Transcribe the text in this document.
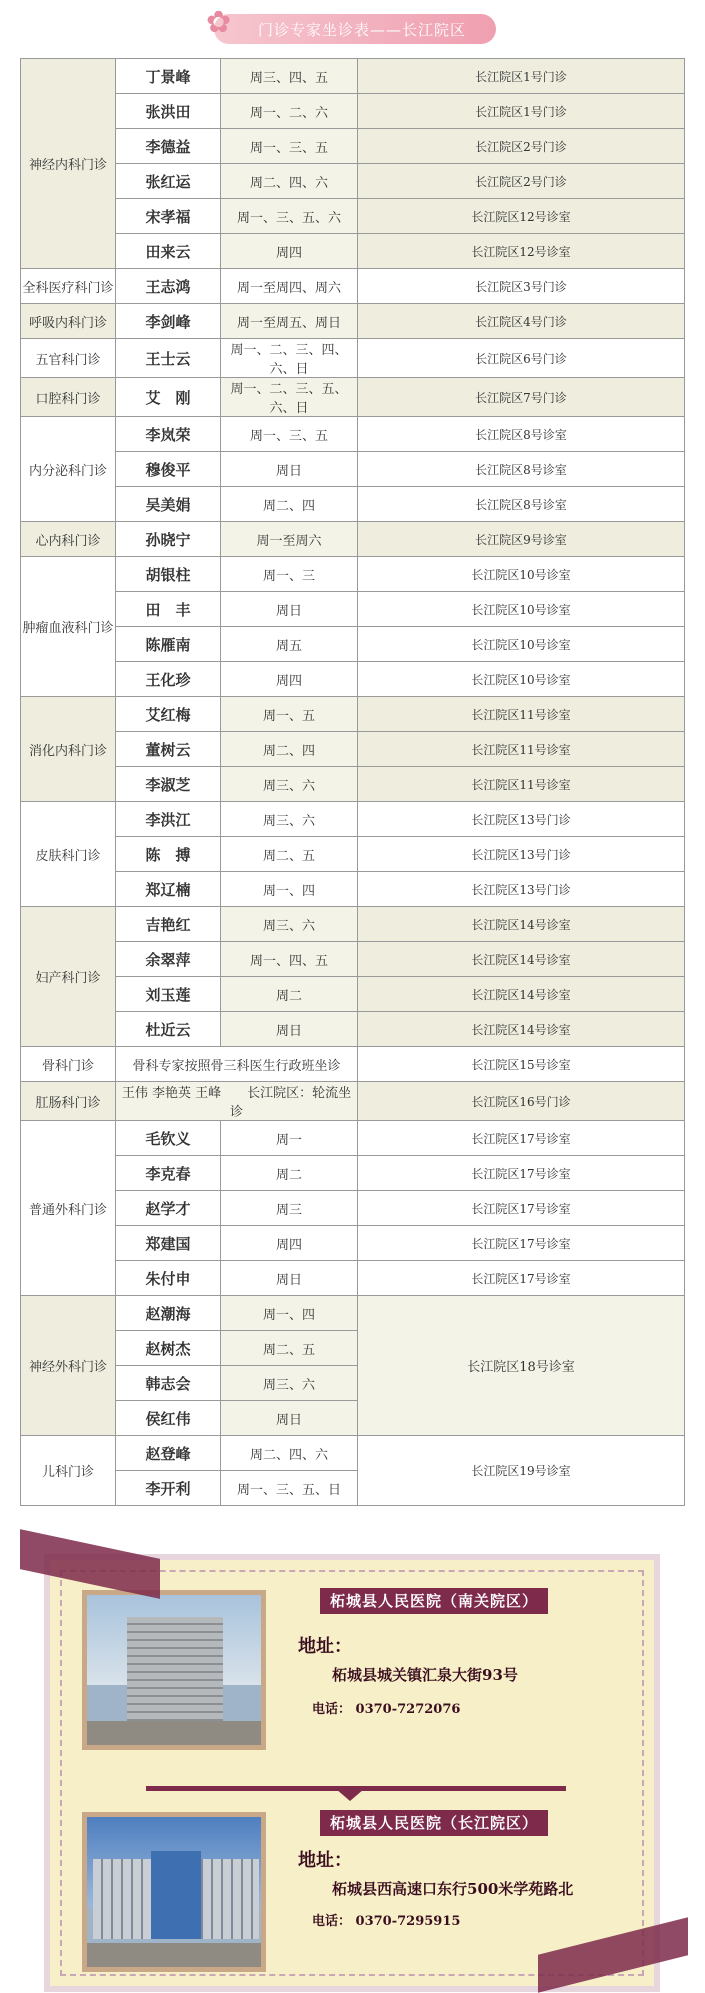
✿ 门诊专家坐诊表——长江院区
神经内科门诊	丁景峰	周三、四、五	长江院区1号门诊
	张洪田	周一、二、六	长江院区1号门诊
	李德益	周一、三、五	长江院区2号门诊
	张红运	周二、四、六	长江院区2号门诊
	宋孝福	周一、三、五、六	长江院区12号诊室
	田来云	周四	长江院区12号诊室
全科医疗科门诊	王志鸿	周一至周四、周六	长江院区3号门诊
呼吸内科门诊	李剑峰	周一至周五、周日	长江院区4号门诊
五官科门诊	王士云	周一、二、三、四、六、日	长江院区6号门诊
口腔科门诊	艾　刚	周一、二、三、五、六、日	长江院区7号门诊
内分泌科门诊	李岚荣	周一、三、五	长江院区8号诊室
	穆俊平	周日	长江院区8号诊室
	吴美娟	周二、四	长江院区8号诊室
心内科门诊	孙晓宁	周一至周六	长江院区9号诊室
肿瘤血液科门诊	胡银柱	周一、三	长江院区10号诊室
	田　丰	周日	长江院区10号诊室
	陈雁南	周五	长江院区10号诊室
	王化珍	周四	长江院区10号诊室
消化内科门诊	艾红梅	周一、五	长江院区11号诊室
	董树云	周二、四	长江院区11号诊室
	李淑芝	周三、六	长江院区11号诊室
皮肤科门诊	李洪江	周三、六	长江院区13号门诊
	陈　搏	周二、五	长江院区13号门诊
	郑辽楠	周一、四	长江院区13号门诊
妇产科门诊	吉艳红	周三、六	长江院区14号诊室
	余翠萍	周一、四、五	长江院区14号诊室
	刘玉莲	周二	长江院区14号诊室
	杜近云	周日	长江院区14号诊室
骨科门诊	骨科专家按照骨三科医生行政班坐诊		长江院区15号诊室
肛肠科门诊	王伟 李艳英 王峰　　长江院区：轮流坐诊		长江院区16号门诊
普通外科门诊	毛钦义	周一	长江院区17号诊室
	李克春	周二	长江院区17号诊室
	赵学才	周三	长江院区17号诊室
	郑建国	周四	长江院区17号诊室
	朱付申	周日	长江院区17号诊室
神经外科门诊	赵潮海	周一、四	长江院区18号诊室
	赵树杰	周二、五	
	韩志会	周三、六	
	侯红伟	周日	
儿科门诊	赵登峰	周二、四、六	长江院区19号诊室
	李开利	周一、三、五、日	
柘城县人民医院（南关院区）
地址：
柘城县城关镇汇泉大街93号
电话： 0370-7272076
柘城县人民医院（长江院区）
地址：
柘城县西高速口东行500米学苑路北
电话： 0370-7295915
